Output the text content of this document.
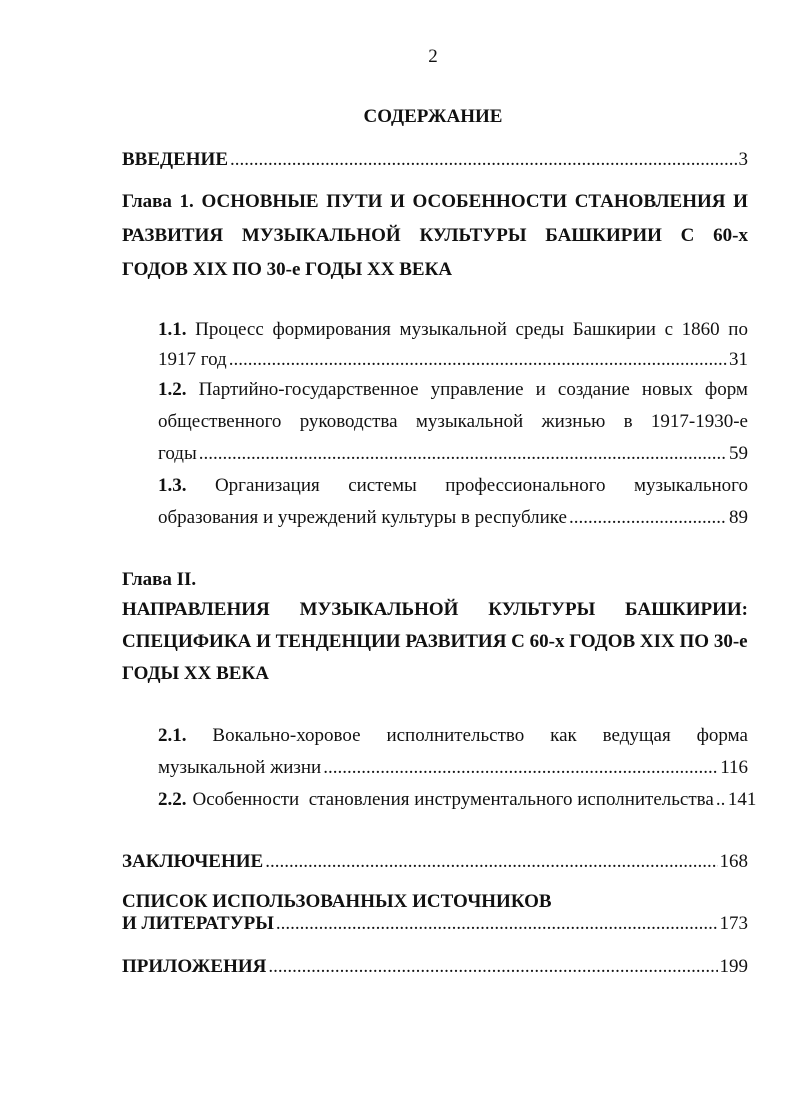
2
СОДЕРЖАНИЕ
ВВЕДЕНИЕ .....	3
Глава 1. ОСНОВНЫЕ ПУТИ И ОСОБЕННОСТИ СТАНОВЛЕНИЯ И
РАЗВИТИЯ МУЗЫКАЛЬНОЙ КУЛЬТУРЫ БАШКИРИИ С 60-х
ГОДОВ XIX ПО 30-е ГОДЫ XX ВЕКА
1.1. Процесс формирования музыкальной среды Башкирии с 1860 по
1917 год .....	31
1.2. Партийно-государственное управление и создание новых форм
общественного руководства музыкальной жизнью в 1917-1930-е
годы .....	59
1.3. Организация системы профессионального музыкального
образования и учреждений культуры в республике .....	89
Глава II.
НАПРАВЛЕНИЯ МУЗЫКАЛЬНОЙ КУЛЬТУРЫ БАШКИРИИ:
СПЕЦИФИКА И ТЕНДЕНЦИИ РАЗВИТИЯ С 60-х ГОДОВ XIX ПО 30-е
ГОДЫ XX ВЕКА
2.1. Вокально-хоровое исполнительство как ведущая форма
музыкальной жизни .....	116
2.2. Особенности  становления инструментального исполнительства ..... 141
ЗАКЛЮЧЕНИЕ .....	168
СПИСОК ИСПОЛЬЗОВАННЫХ ИСТОЧНИКОВ
И ЛИТЕРАТУРЫ .....	173
ПРИЛОЖЕНИЯ .....	199
